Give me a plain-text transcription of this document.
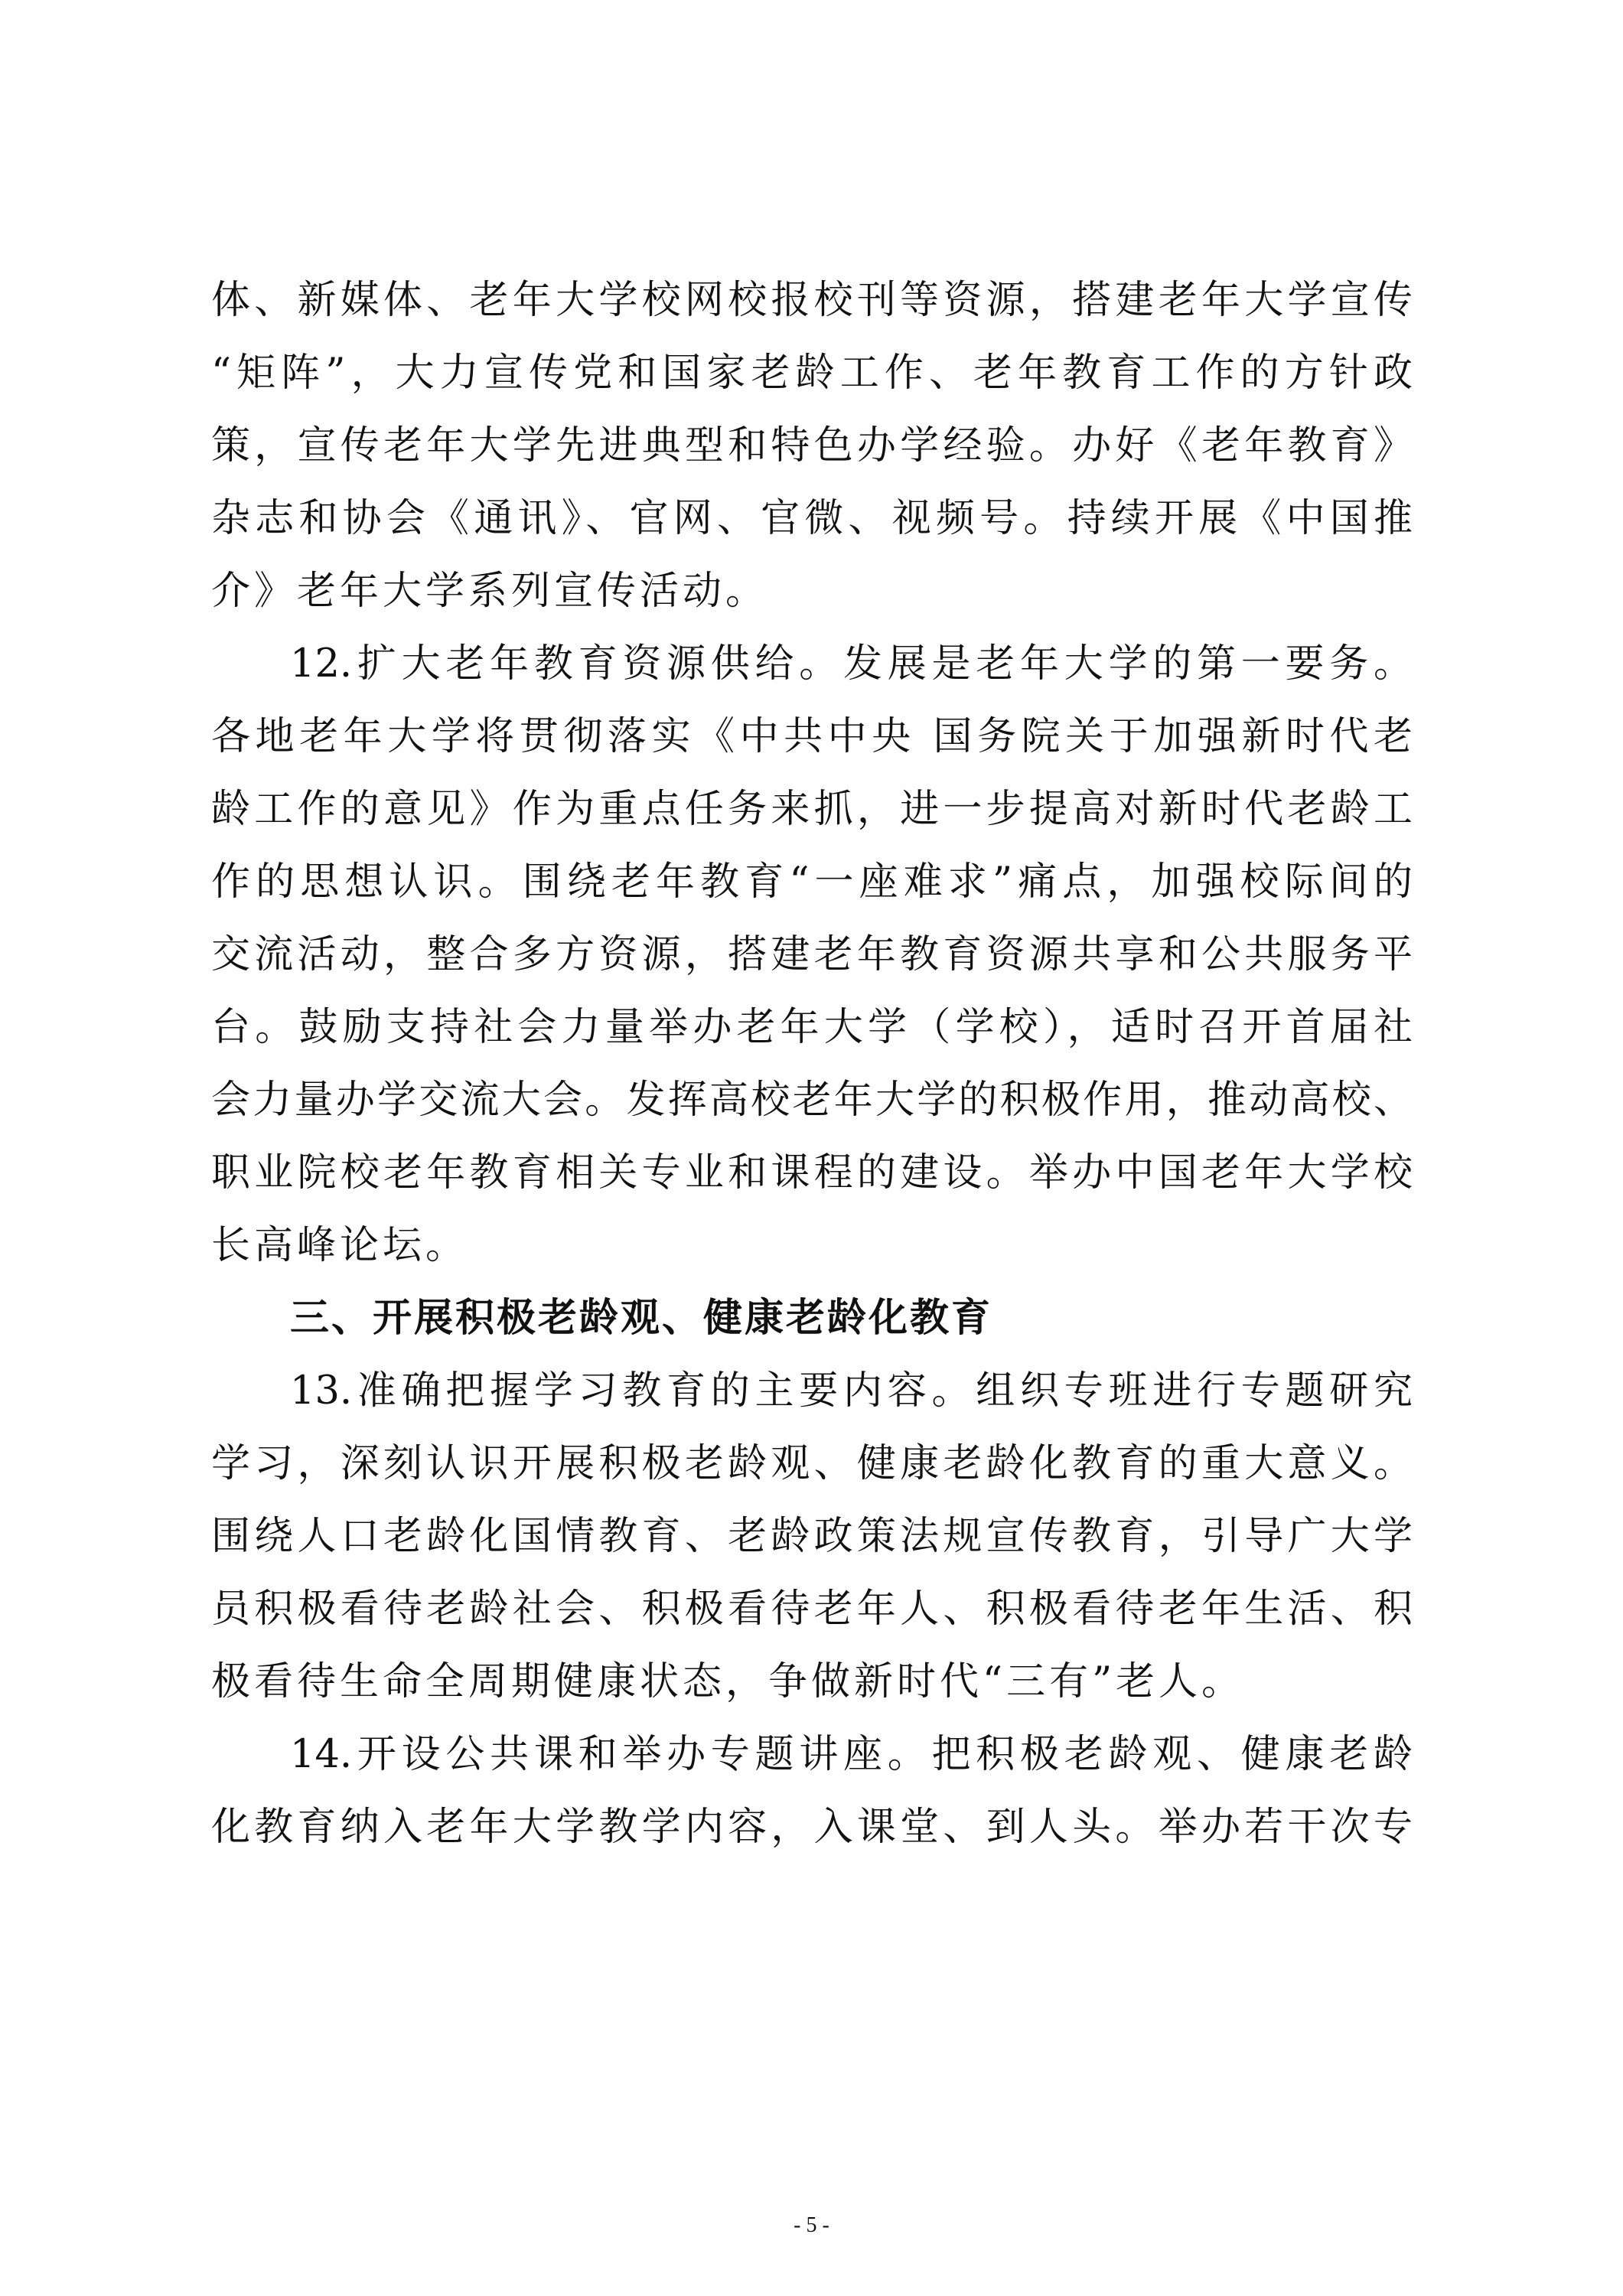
体、新媒体、老年大学校网校报校刊等资源，搭建老年大学宣传
“矩阵”，大力宣传党和国家老龄工作、老年教育工作的方针政
策，宣传老年大学先进典型和特色办学经验。办好《老年教育》
杂志和协会《通讯》、官网、官微、视频号。持续开展《中国推
介》老年大学系列宣传活动。
12.扩大老年教育资源供给。发展是老年大学的第一要务。
各地老年大学将贯彻落实《中共中央 国务院关于加强新时代老
龄工作的意见》作为重点任务来抓，进一步提高对新时代老龄工
作的思想认识。围绕老年教育“一座难求”痛点，加强校际间的
交流活动，整合多方资源，搭建老年教育资源共享和公共服务平
台。鼓励支持社会力量举办老年大学（学校），适时召开首届社
会力量办学交流大会。发挥高校老年大学的积极作用，推动高校、
职业院校老年教育相关专业和课程的建设。举办中国老年大学校
长高峰论坛。
三、开展积极老龄观、健康老龄化教育
13.准确把握学习教育的主要内容。组织专班进行专题研究
学习，深刻认识开展积极老龄观、健康老龄化教育的重大意义。
围绕人口老龄化国情教育、老龄政策法规宣传教育，引导广大学
员积极看待老龄社会、积极看待老年人、积极看待老年生活、积
极看待生命全周期健康状态，争做新时代“三有”老人。
14.开设公共课和举办专题讲座。把积极老龄观、健康老龄
化教育纳入老年大学教学内容，入课堂、到人头。举办若干次专
- 5 -
